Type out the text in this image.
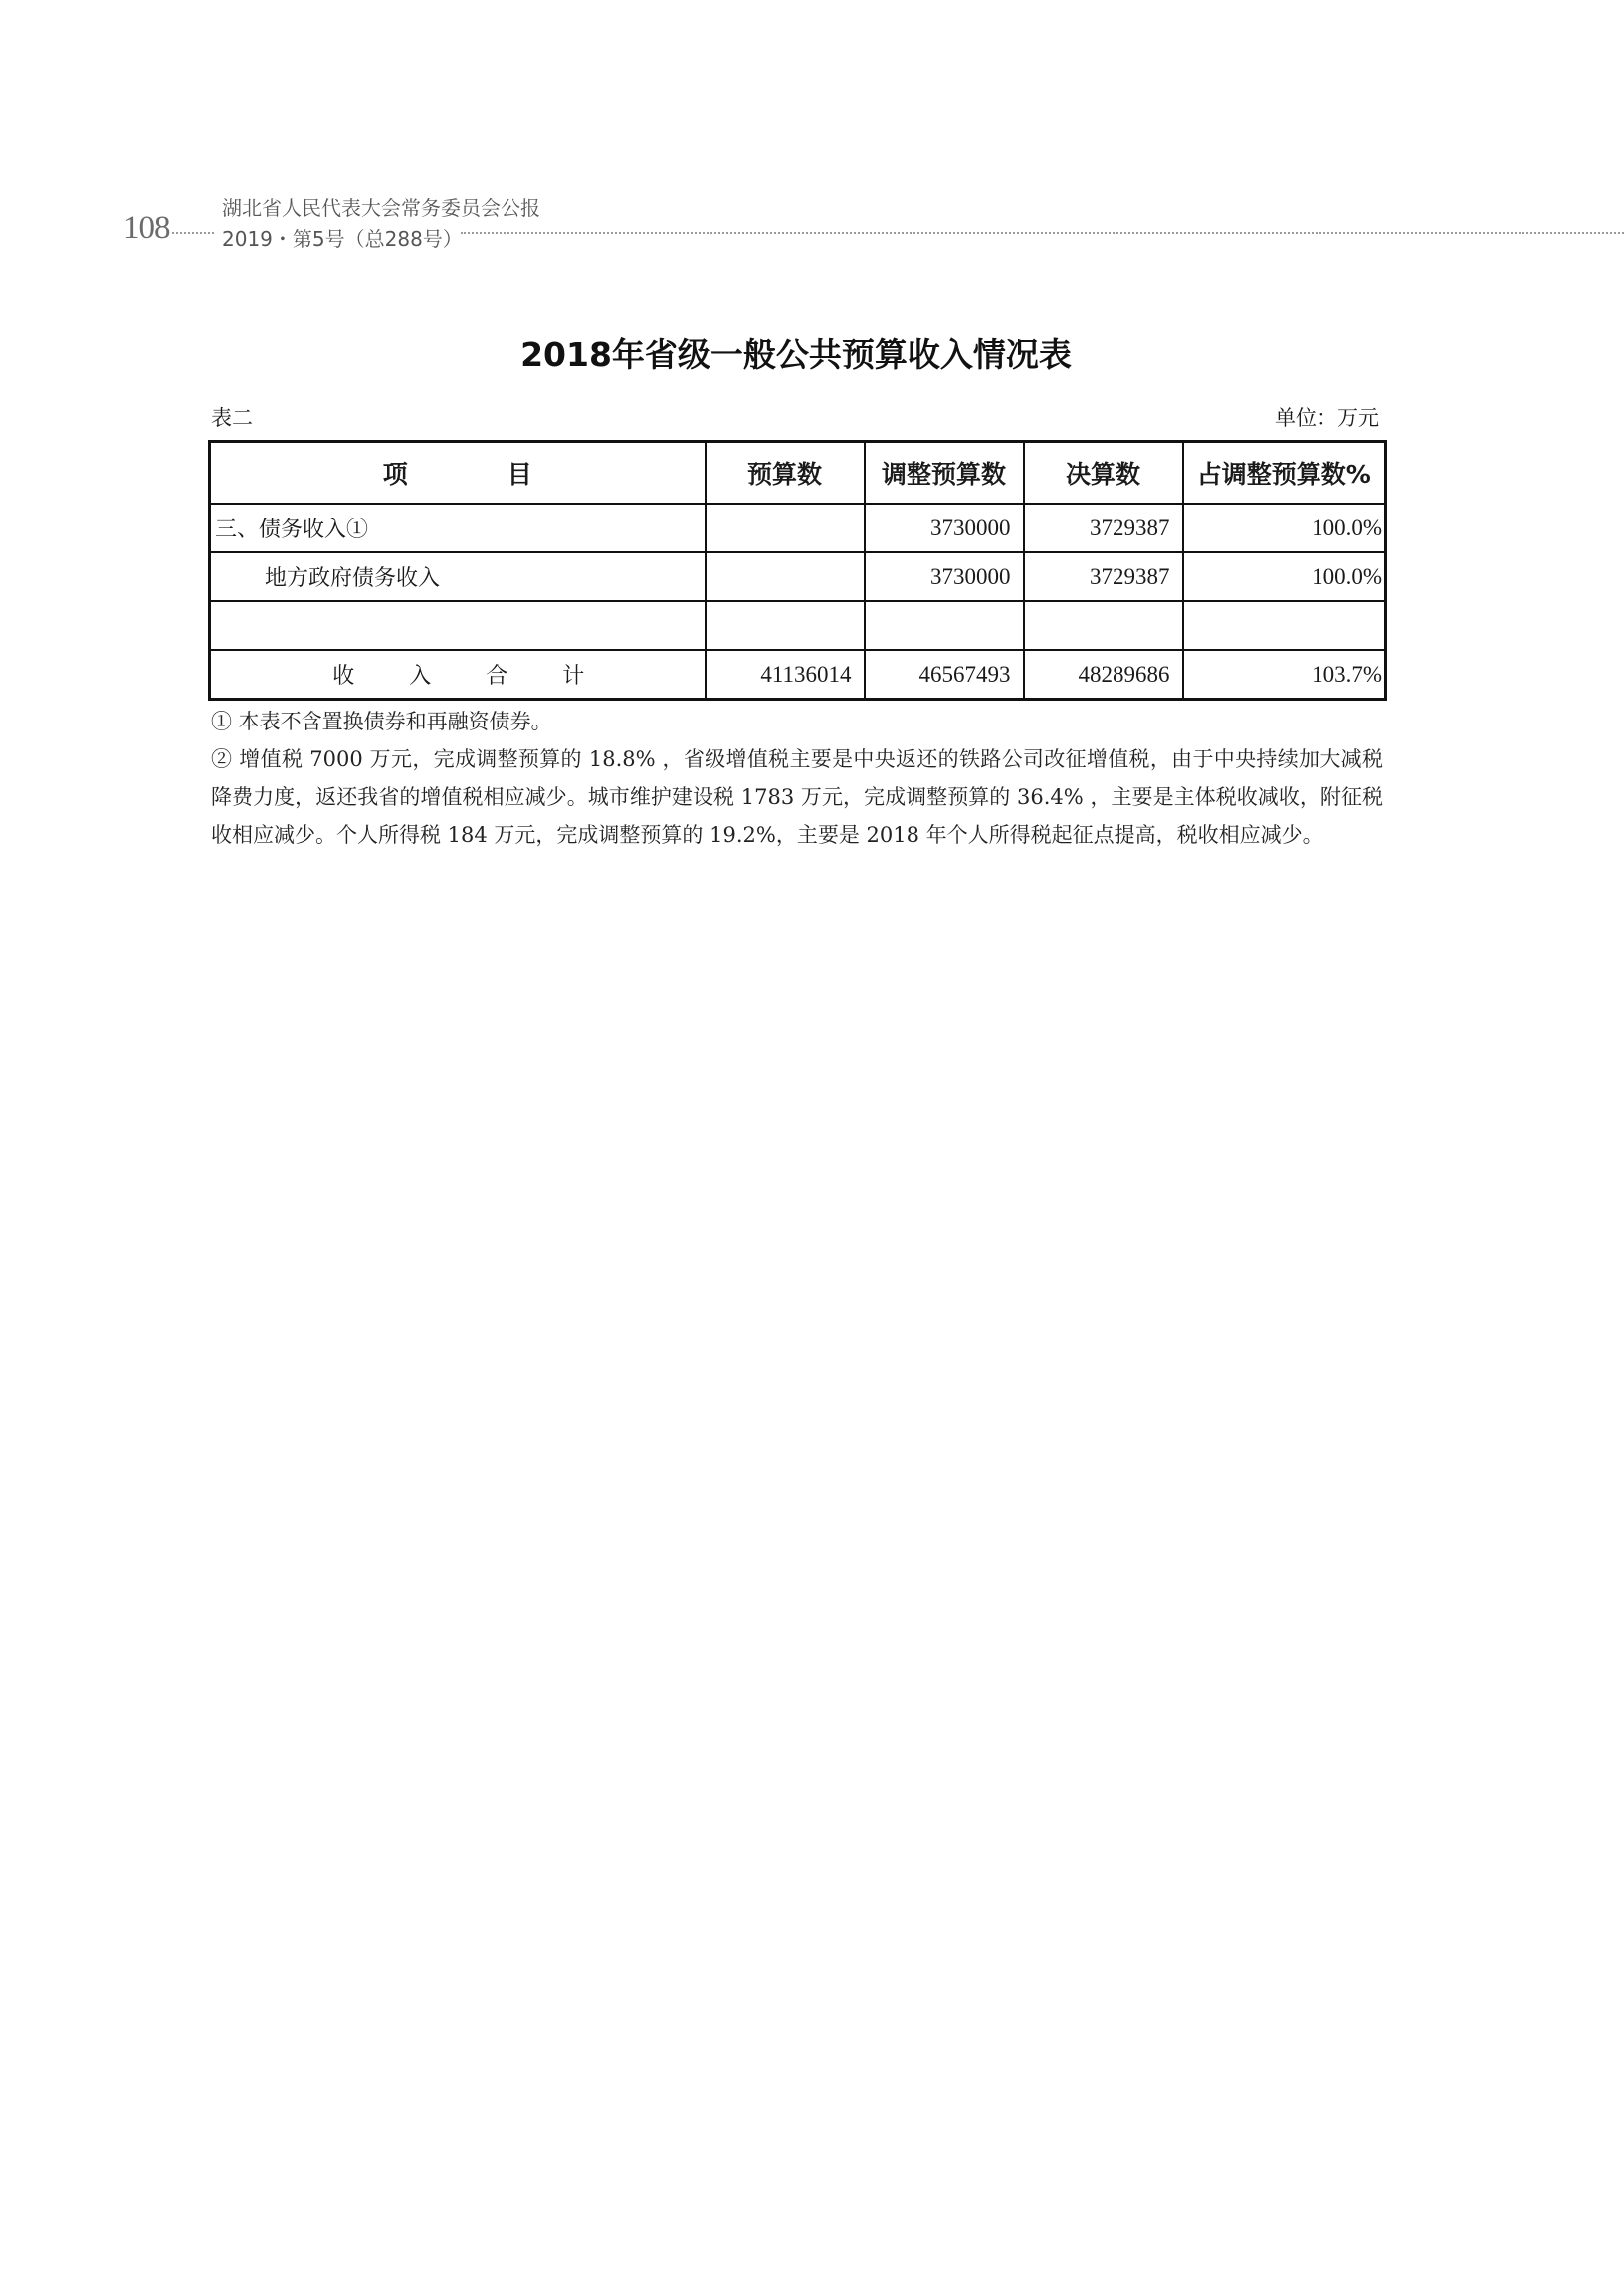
108
湖北省人民代表大会常务委员会公报
2019・第5号（总288号）
2018年省级一般公共预算收入情况表
表二	单位：万元
项　　　　目	预算数	调整预算数	决算数	占调整预算数%
三、债务收入①		3730000	3729387	100.0%
地方政府债务收入		3730000	3729387	100.0%

收 入 合 计	41136014	46567493	48289686	103.7%

① 本表不含置换债券和再融资债券。

② 增值税 7000 万元，完成调整预算的 18.8% ，省级增值税主要是中央返还的铁路公司改征增值税，由于中央持续加大减税降费力度，返还我省的增值税相应减少。城市维护建设税 1783 万元，完成调整预算的 36.4% ，主要是主体税收减收，附征税收相应减少。个人所得税 184 万元，完成调整预算的 19.2%，主要是 2018 年个人所得税起征点提高，税收相应减少。
